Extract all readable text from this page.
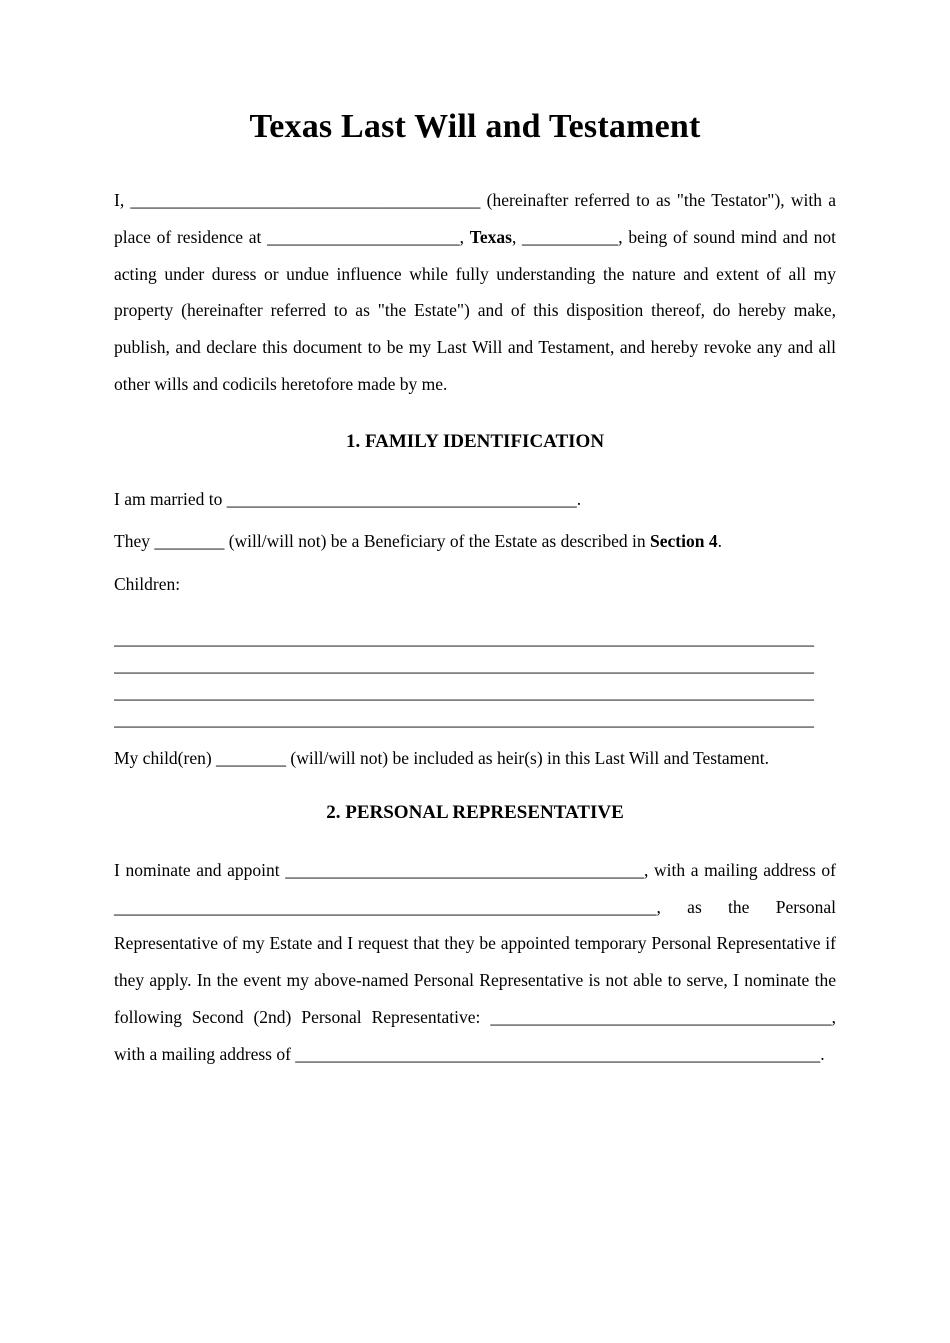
Texas Last Will and Testament

I, ________________________________________ (hereinafter referred to as "the Testator"), with a place of residence at ______________________, Texas, ___________, being of sound mind and not acting under duress or undue influence while fully understanding the nature and extent of all my property (hereinafter referred to as "the Estate") and of this disposition thereof, do hereby make, publish, and declare this document to be my Last Will and Testament, and hereby revoke any and all other wills and codicils heretofore made by me.

1. FAMILY IDENTIFICATION

I am married to ________________________________________.

They ________ (will/will not) be a Beneficiary of the Estate as described in Section 4.

Children:

________________________________________________________________________________
________________________________________________________________________________
________________________________________________________________________________
________________________________________________________________________________

My child(ren) ________ (will/will not) be included as heir(s) in this Last Will and Testament.

2. PERSONAL REPRESENTATIVE

I nominate and appoint _________________________________________, with a mailing address of ______________________________________________________________, as the Personal Representative of my Estate and I request that they be appointed temporary Personal Representative if they apply. In the event my above-named Personal Representative is not able to serve, I nominate the following Second (2nd) Personal Representative: _______________________________________, with a mailing address of ____________________________________________________________.
